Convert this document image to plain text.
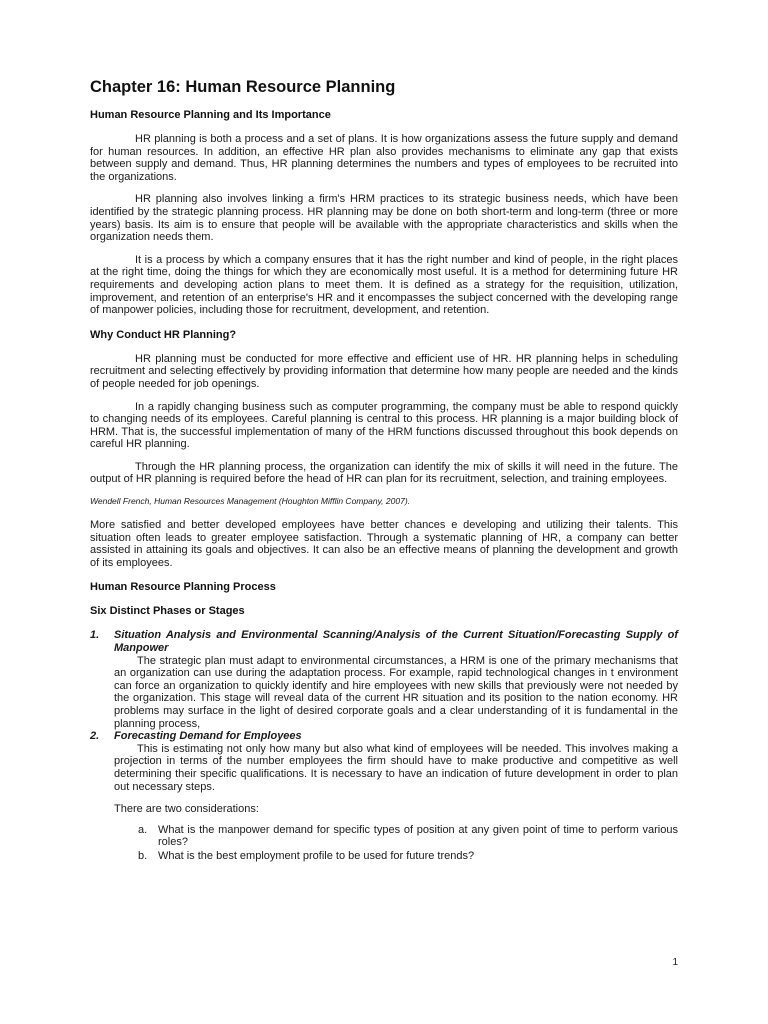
Chapter 16: Human Resource Planning
Human Resource Planning and Its Importance

HR planning is both a process and a set of plans. It is how organizations assess the future supply and demand for human resources. In addition, an effective HR plan also provides mechanisms to eliminate any gap that exists between supply and demand. Thus, HR planning determines the numbers and types of employees to be recruited into the organizations.

HR planning also involves linking a firm's HRM practices to its strategic business needs, which have been identified by the strategic planning process. HR planning may be done on both short-term and long-term (three or more years) basis. Its aim is to ensure that people will be available with the appropriate characteristics and skills when the organization needs them.

It is a process by which a company ensures that it has the right number and kind of people, in the right places at the right time, doing the things for which they are economically most useful. It is a method for determining future HR requirements and developing action plans to meet them. It is defined as a strategy for the requisition, utilization, improvement, and retention of an enterprise's HR and it encompasses the subject concerned with the developing range of manpower policies, including those for recruitment, development, and retention.

Why Conduct HR Planning?

HR planning must be conducted for more effective and efficient use of HR. HR planning helps in scheduling recruitment and selecting effectively by providing information that determine how many people are needed and the kinds of people needed for job openings.

In a rapidly changing business such as computer programming, the company must be able to respond quickly to changing needs of its employees. Careful planning is central to this process. HR planning is a major building block of HRM. That is, the successful implementation of many of the HRM functions discussed throughout this book depends on careful HR planning.

Through the HR planning process, the organization can identify the mix of skills it will need in the future. The output of HR planning is required before the head of HR can plan for its recruitment, selection, and training employees.

Wendell French, Human Resources Management (Houghton Mifflin Company, 2007).

More satisfied and better developed employees have better chances e developing and utilizing their talents. This situation often leads to greater employee satisfaction. Through a systematic planning of HR, a company can better assisted in attaining its goals and objectives. It can also be an effective means of planning the development and growth of its employees.

Human Resource Planning Process
Six Distinct Phases or Stages
1. Situation Analysis and Environmental Scanning/Analysis of the Current Situation/Forecasting Supply of Manpower

The strategic plan must adapt to environmental circumstances, a HRM is one of the primary mechanisms that an organization can use during the adaptation process. For example, rapid technological changes in t environment can force an organization to quickly identify and hire employees with new skills that previously were not needed by the organization. This stage will reveal data of the current HR situation and its position to the nation economy. HR problems may surface in the light of desired corporate goals and a clear understanding of it is fundamental in the planning process,

2. Forecasting Demand for Employees

This is estimating not only how many but also what kind of employees will be needed. This involves making a projection in terms of the number employees the firm should have to make productive and competitive as well determining their specific qualifications. It is necessary to have an indication of future development in order to plan out necessary steps.

There are two considerations:
a. What is the manpower demand for specific types of position at any given point of time to perform various roles?
b. What is the best employment profile to be used for future trends?
1
